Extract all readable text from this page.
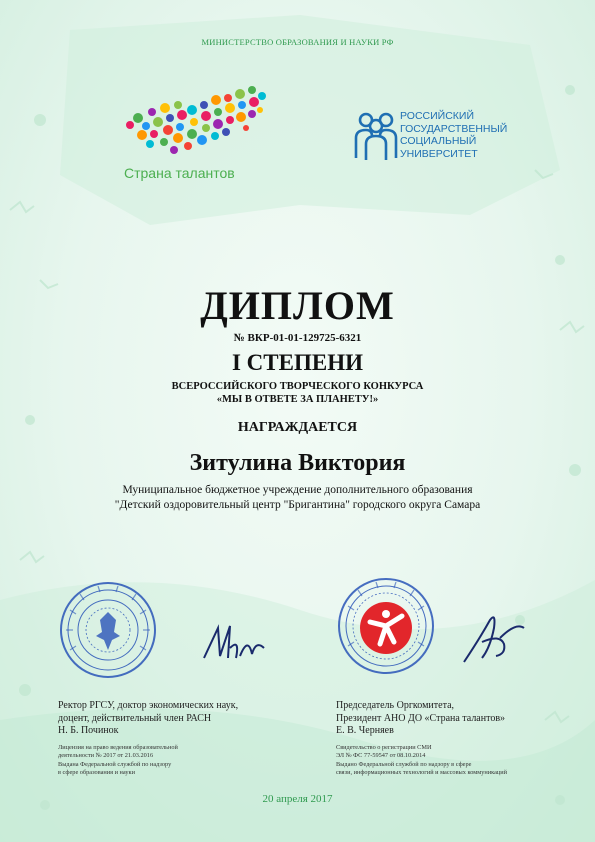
МИНИСТЕРСТВО ОБРАЗОВАНИЯ И НАУКИ РФ
Страна талантов
РОССИЙСКИЙ
ГОСУДАРСТВЕННЫЙ
СОЦИАЛЬНЫЙ
УНИВЕРСИТЕТ
ДИПЛОМ
№ ВКР-01-01-129725-6321
I СТЕПЕНИ
ВСЕРОССИЙСКОГО ТВОРЧЕСКОГО КОНКУРСА
«МЫ В ОТВЕТЕ ЗА ПЛАНЕТУ!»
НАГРАЖДАЕТСЯ
Зитулина Виктория
Муниципальное бюджетное учреждение дополнительного образования
"Детский оздоровительный центр "Бригантина" городского округа Самара
Ректор РГСУ, доктор экономических наук,
доцент, действительный член РАСН
Н. Б. Починок
Лицензия на право ведения образовательной
деятельности № 2017 от 21.03.2016
Выдана Федеральной службой по надзору
в сфере образования и науки
Председатель Оргкомитета,
Президент АНО ДО «Страна талантов»
Е. В. Черняев
Свидетельство о регистрации СМИ
ЭЛ № ФС 77-59547 от 08.10.2014
Выдано Федеральной службой по надзору в сфере
связи, информационных технологий и массовых коммуникаций
20 апреля 2017
